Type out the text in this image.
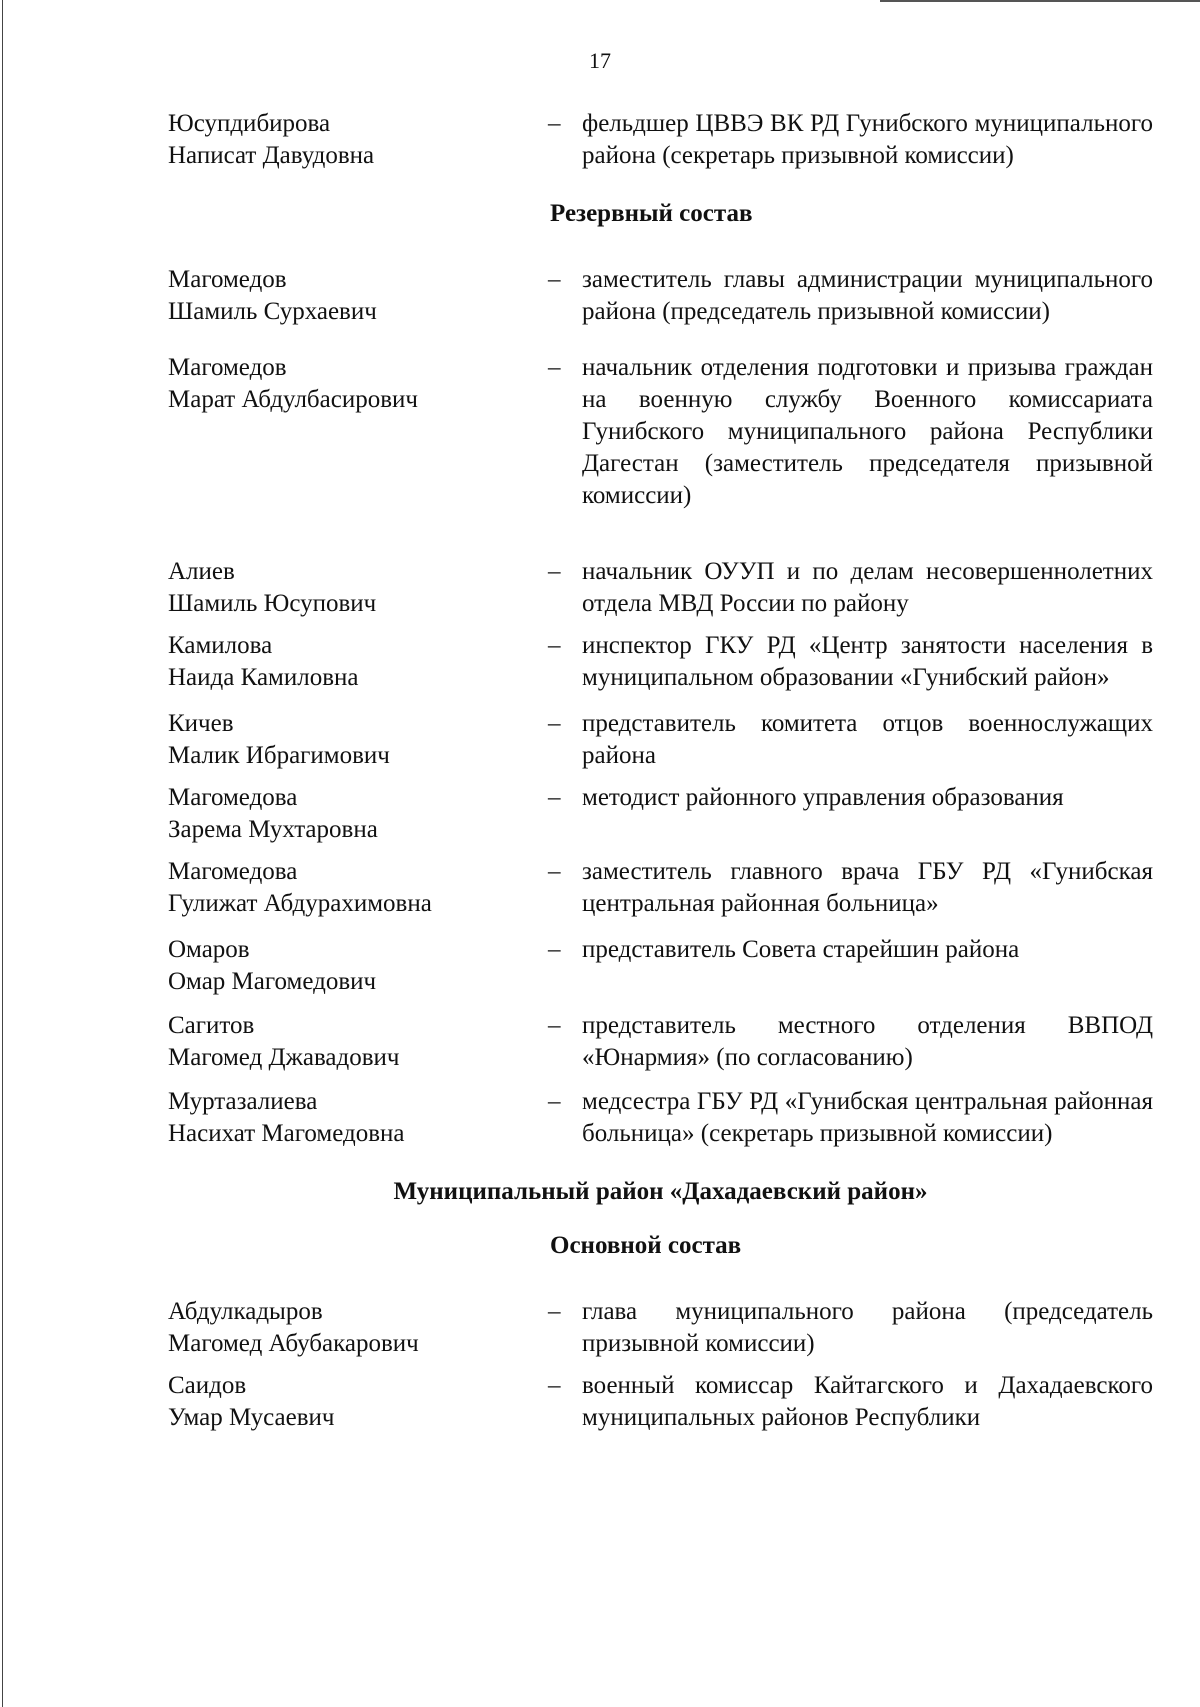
17
Юсупдибирова
Написат Давудовна
– фельдшер ЦВВЭ ВК РД Гунибского муниципального района (секретарь призывной комиссии)
Резервный состав
Магомедов
Шамиль Сурхаевич
– заместитель главы администрации муниципального района (председатель призывной комиссии)
Магомедов
Марат Абдулбасирович
– начальник отделения подготовки и призыва граждан на военную службу Военного комиссариата Гунибского муниципального района Республики Дагестан (заместитель председателя призывной комиссии)
Алиев
Шамиль Юсупович
– начальник ОУУП и по делам несовершеннолетних отдела МВД России по району
Камилова
Наида Камиловна
– инспектор ГКУ РД «Центр занятости населения в муниципальном образовании «Гунибский район»
Кичев
Малик Ибрагимович
– представитель комитета отцов военнослужащих района
Магомедова
Зарема Мухтаровна
– методист районного управления образования
Магомедова
Гулижат Абдурахимовна
– заместитель главного врача ГБУ РД «Гунибская центральная районная больница»
Омаров
Омар Магомедович
– представитель Совета старейшин района
Сагитов
Магомед Джавадович
– представитель местного отделения ВВПОД «Юнармия» (по согласованию)
Муртазалиева
Насихат Магомедовна
– медсестра ГБУ РД «Гунибская центральная районная больница» (секретарь призывной комиссии)
Муниципальный район «Дахадаевский район»
Основной состав
Абдулкадыров
Магомед Абубакарович
– глава муниципального района (председатель призывной комиссии)
Саидов
Умар Мусаевич
– военный комиссар Кайтагского и Дахадаевского муниципальных районов Республики
